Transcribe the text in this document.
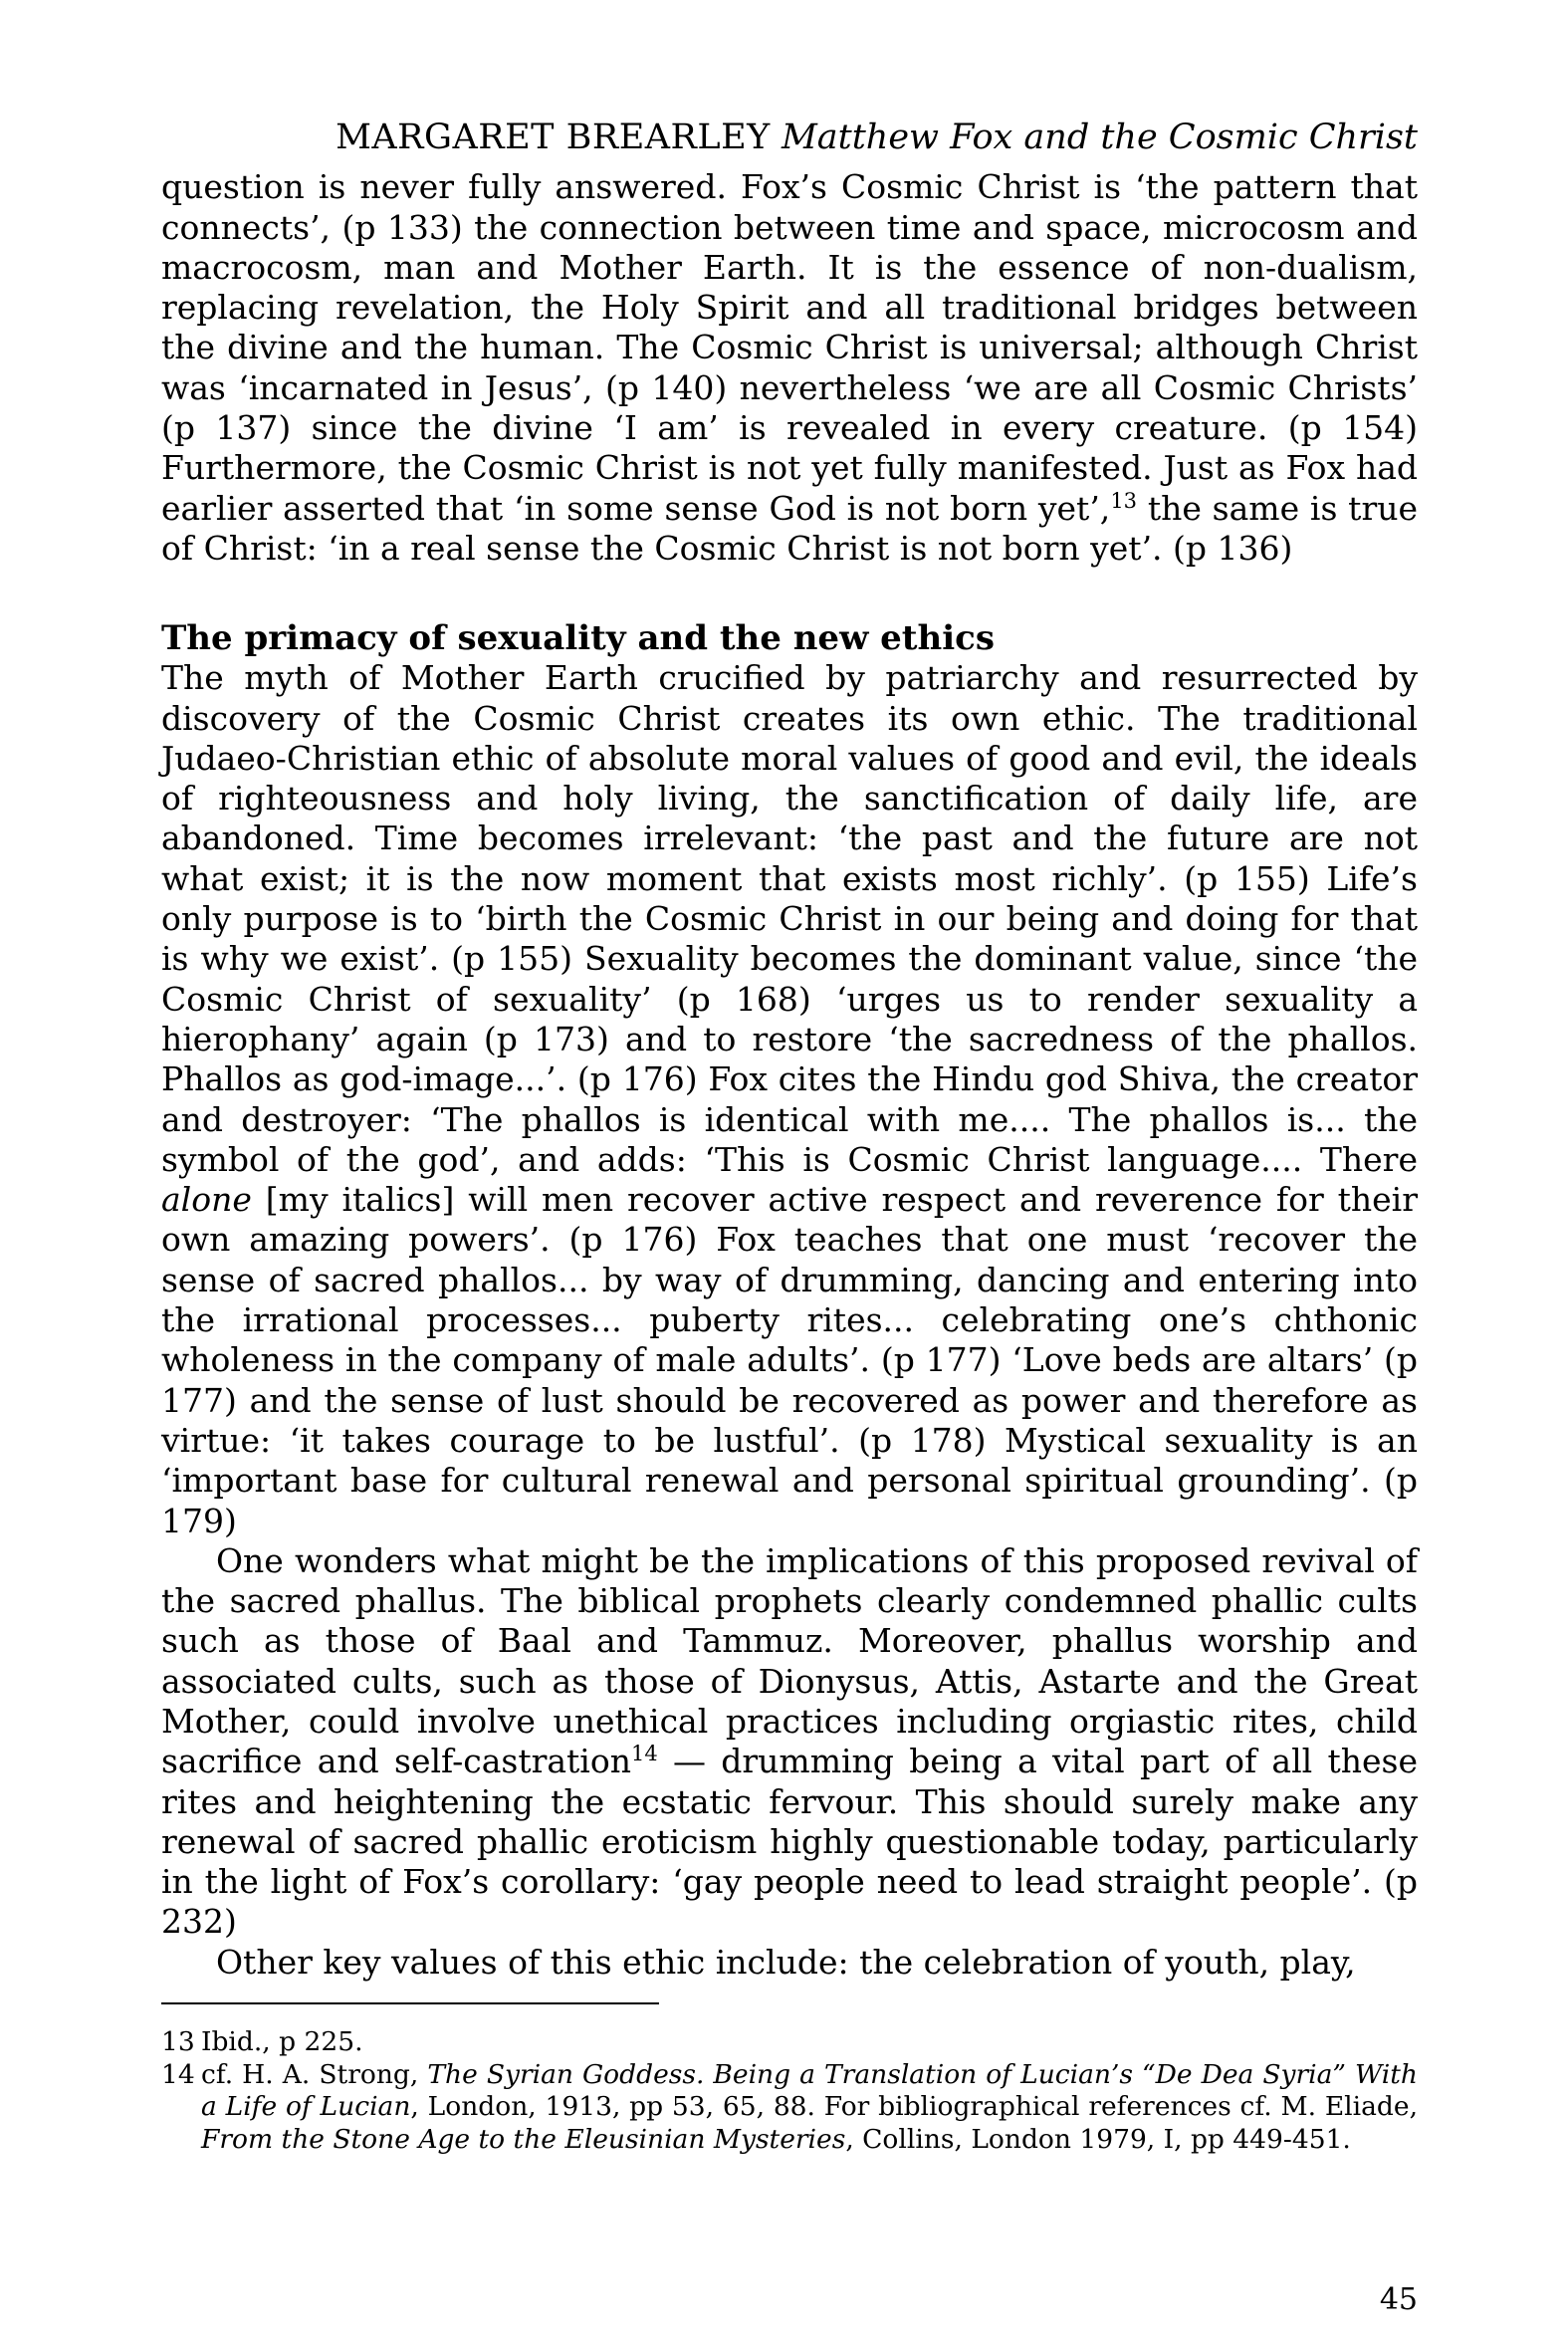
MARGARET BREARLEY Matthew Fox and the Cosmic Christ

question is never fully answered. Fox’s Cosmic Christ is ‘the pattern that connects’, (p 133) the connection between time and space, microcosm and macrocosm, man and Mother Earth. It is the essence of non-dualism, replacing revelation, the Holy Spirit and all traditional bridges between the divine and the human. The Cosmic Christ is universal; although Christ was ‘incarnated in Jesus’, (p 140) nevertheless ‘we are all Cosmic Christs’ (p 137) since the divine ‘I am’ is revealed in every creature. (p 154) Furthermore, the Cosmic Christ is not yet fully manifested. Just as Fox had earlier asserted that ‘in some sense God is not born yet’,$^{13}$ the same is true of Christ: ‘in a real sense the Cosmic Christ is not born yet’. (p 136)

The primacy of sexuality and the new ethics

The myth of Mother Earth crucified by patriarchy and resurrected by discovery of the Cosmic Christ creates its own ethic. The traditional Judaeo-Christian ethic of absolute moral values of good and evil, the ideals of righteousness and holy living, the sanctification of daily life, are abandoned. Time becomes irrelevant: ‘the past and the future are not what exist; it is the now moment that exists most richly’. (p 155) Life’s only purpose is to ‘birth the Cosmic Christ in our being and doing for that is why we exist’. (p 155) Sexuality becomes the dominant value, since ‘the Cosmic Christ of sexuality’ (p 168) ‘urges us to render sexuality a hierophany’ again (p 173) and to restore ‘the sacredness of the phallos. Phallos as god-image...’. (p 176) Fox cites the Hindu god Shiva, the creator and destroyer: ‘The phallos is identical with me.... The phallos is... the symbol of the god’, and adds: ‘This is Cosmic Christ language.... There alone [my italics] will men recover active respect and reverence for their own amazing powers’. (p 176) Fox teaches that one must ‘recover the sense of sacred phallos... by way of drumming, dancing and entering into the irrational processes... puberty rites... celebrating one’s chthonic wholeness in the company of male adults’. (p 177) ‘Love beds are altars’ (p 177) and the sense of lust should be recovered as power and therefore as virtue: ‘it takes courage to be lustful’. (p 178) Mystical sexuality is an ‘important base for cultural renewal and personal spiritual grounding’. (p 179)

One wonders what might be the implications of this proposed revival of the sacred phallus. The biblical prophets clearly condemned phallic cults such as those of Baal and Tammuz. Moreover, phallus worship and associated cults, such as those of Dionysus, Attis, Astarte and the Great Mother, could involve unethical practices including orgiastic rites, child sacrifice and self-castration$^{14}$ — drumming being a vital part of all these rites and heightening the ecstatic fervour. This should surely make any renewal of sacred phallic eroticism highly questionable today, particularly in the light of Fox’s corollary: ‘gay people need to lead straight people’. (p 232)

Other key values of this ethic include: the celebration of youth, play,

13 Ibid., p 225.
14 cf. H. A. Strong, The Syrian Goddess. Being a Translation of Lucian’s “De Dea Syria” With a Life of Lucian, London, 1913, pp 53, 65, 88. For bibliographical references cf. M. Eliade, From the Stone Age to the Eleusinian Mysteries, Collins, London 1979, I, pp 449-451.
45
